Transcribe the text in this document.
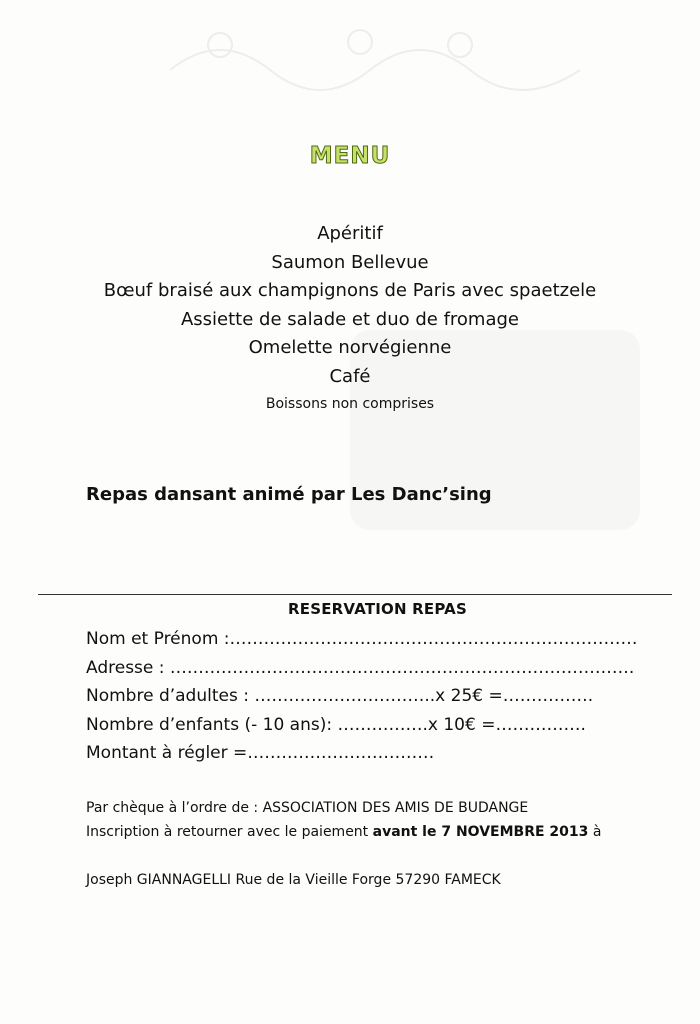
MENU
Apéritif
Saumon Bellevue
Bœuf braisé aux champignons de Paris avec spaetzele
Assiette de salade et duo de fromage
Omelette norvégienne
Café
Boissons non comprises
Repas dansant animé par Les Danc’sing
RESERVATION REPAS
Nom et Prénom :………………………………………………………………
Adresse : ……………………………………………………………………….
Nombre d’adultes : …………………………..x 25€ =…………….
Nombre d’enfants (- 10 ans): …………….x 10€ =…………….
Montant à régler =……………………………
Par chèque à l’ordre de : ASSOCIATION DES AMIS DE BUDANGE
Inscription à retourner avec le paiement avant le 7 NOVEMBRE 2013 à
Joseph GIANNAGELLI Rue de la Vieille Forge 57290 FAMECK
